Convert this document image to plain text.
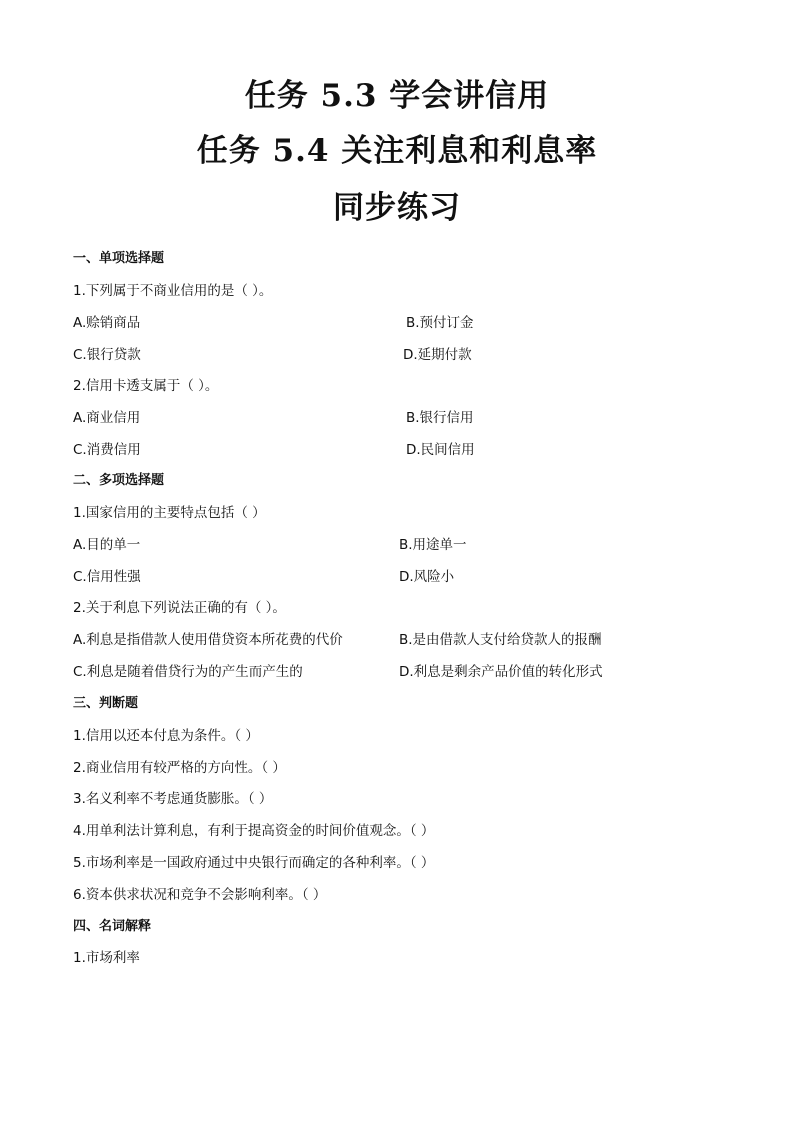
任务 5.3 学会讲信用
任务 5.4 关注利息和利息率
同步练习
一、单项选择题
1.下列属于不商业信用的是（ ）。
A.赊销商品	B.预付订金
C.银行贷款	D.延期付款
2.信用卡透支属于（ ）。
A.商业信用	B.银行信用
C.消费信用	D.民间信用
二、多项选择题
1.国家信用的主要特点包括（ ）
A.目的单一	B.用途单一
C.信用性强	D.风险小
2.关于利息下列说法正确的有（ ）。
A.利息是指借款人使用借贷资本所花费的代价	B.是由借款人支付给贷款人的报酬
C.利息是随着借贷行为的产生而产生的	D.利息是剩余产品价值的转化形式
三、判断题
1.信用以还本付息为条件。（ ）
2.商业信用有较严格的方向性。（ ）
3.名义利率不考虑通货膨胀。（ ）
4.用单利法计算利息，有利于提高资金的时间价值观念。（ ）
5.市场利率是一国政府通过中央银行而确定的各种利率。（ ）
6.资本供求状况和竞争不会影响利率。（ ）
四、名词解释
1.市场利率
